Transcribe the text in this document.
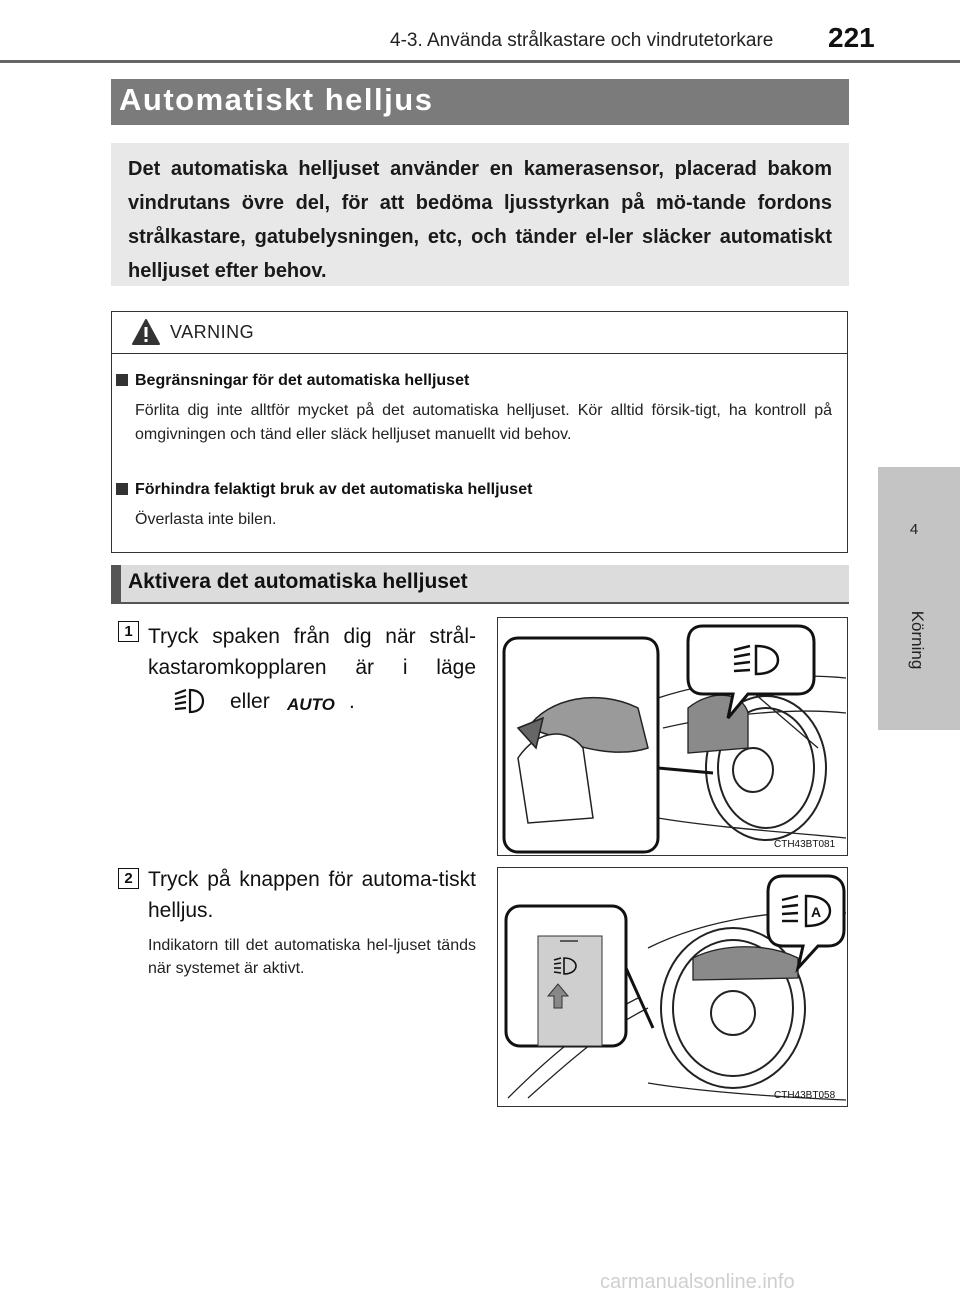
4-3. Använda strålkastare och vindrutetorkare 221
4
Körning
Automatiskt helljus
Det automatiska helljuset använder en kamerasensor, placerad bakom vindrutans övre del, för att bedöma ljusstyrkan på mö-tande fordons strålkastare, gatubelysningen, etc, och tänder el-ler släcker automatiskt helljuset efter behov.
VARNING
Begränsningar för det automatiska helljuset
Förlita dig inte alltför mycket på det automatiska helljuset. Kör alltid försik-tigt, ha kontroll på omgivningen och tänd eller släck helljuset manuellt vid behov.
Förhindra felaktigt bruk av det automatiska helljuset
Överlasta inte bilen.
Aktivera det automatiska helljuset
1 Tryck spaken från dig när strål-kastaromkopplaren är i läge
eller AUTO .
CTH43BT081
2 Tryck på knappen för automa-tiskt helljus.
Indikatorn till det automatiska hel-ljuset tänds när systemet är aktivt.
A
CTH43BT058
carmanualsonline.info
